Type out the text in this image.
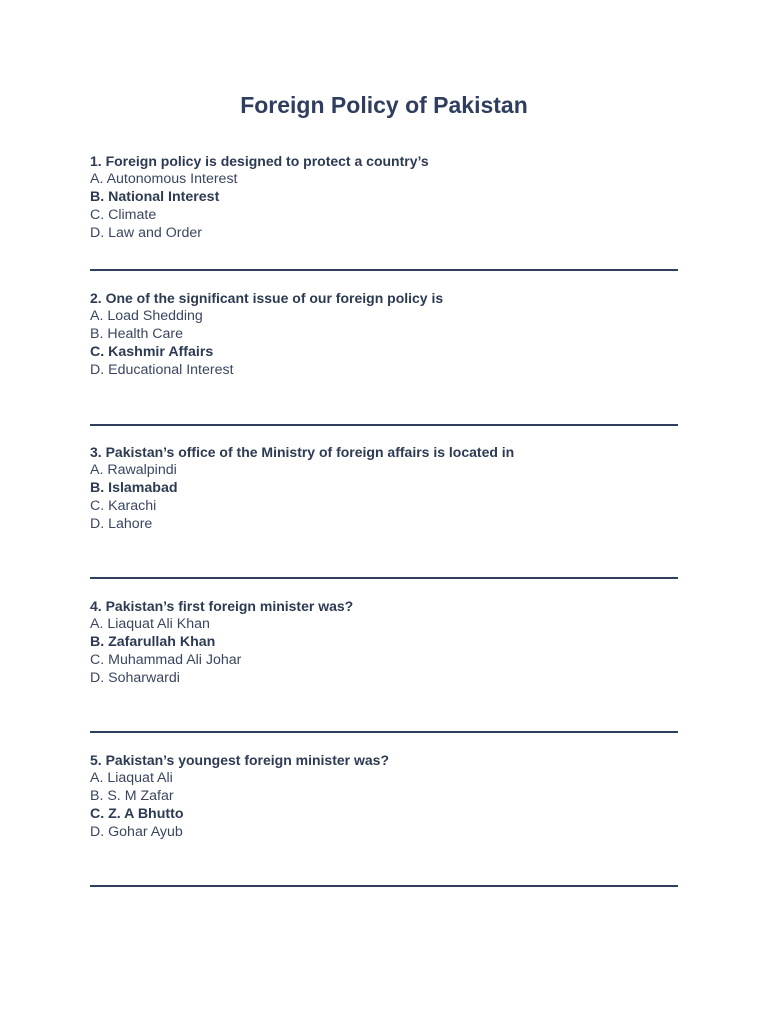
Foreign Policy of Pakistan
1. Foreign policy is designed to protect a country’s
A. Autonomous Interest
B. National Interest
C. Climate
D. Law and Order
2. One of the significant issue of our foreign policy is
A. Load Shedding
B. Health Care
C. Kashmir Affairs
D. Educational Interest
3. Pakistan’s office of the Ministry of foreign affairs is located in
A. Rawalpindi
B. Islamabad
C. Karachi
D. Lahore
4. Pakistan’s first foreign minister was?
A. Liaquat Ali Khan
B. Zafarullah Khan
C. Muhammad Ali Johar
D. Soharwardi
5. Pakistan’s youngest foreign minister was?
A. Liaquat Ali
B. S. M Zafar
C. Z. A Bhutto
D. Gohar Ayub
